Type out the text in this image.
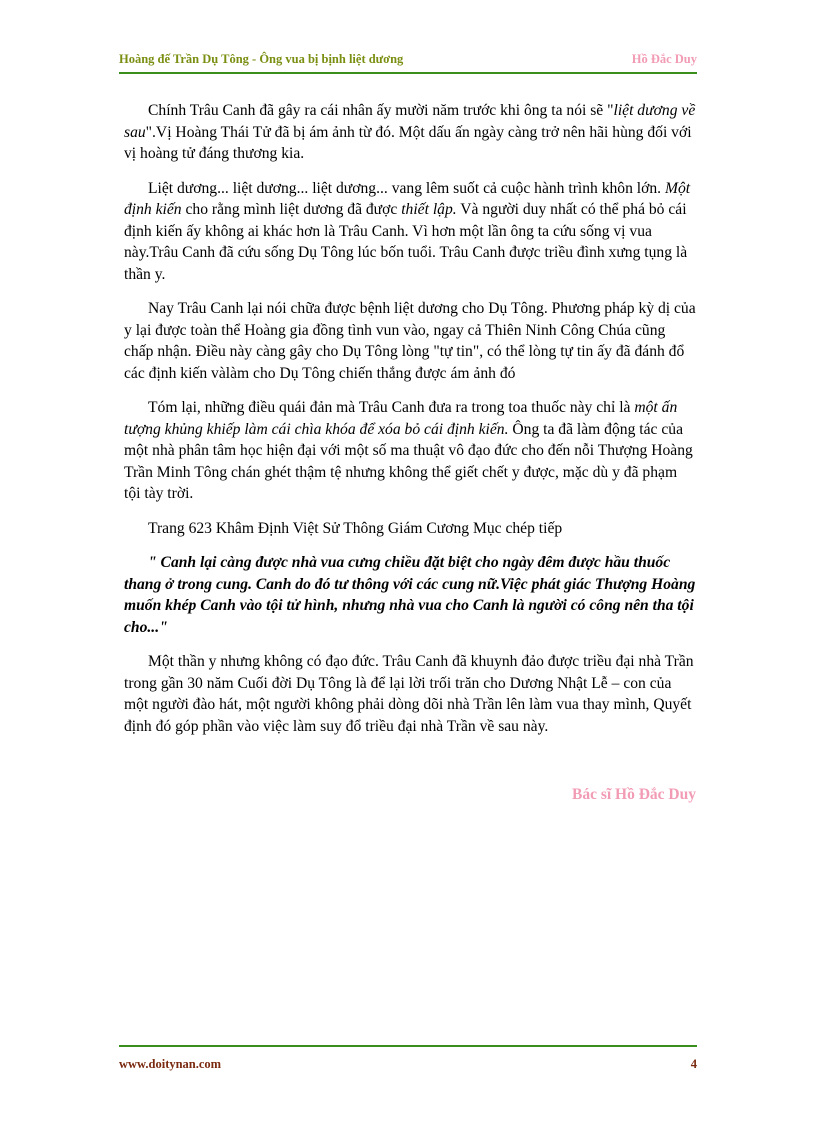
Hoàng đế Trần Dụ Tông - Ông vua bị bịnh liệt dương	Hồ Đắc Duy

Chính Trâu Canh đã gây ra cái nhân ấy mười năm trước khi ông ta nói sẽ "liệt dương về sau".Vị Hoàng Thái Tử đã bị ám ảnh từ đó. Một dấu ấn ngày càng trở nên hãi hùng đối với vị hoàng tử đáng thương kia.

Liệt dương... liệt dương... liệt dương... vang lêm suốt cả cuộc hành trình khôn lớn. Một định kiến cho rằng mình liệt dương đã được thiết lập. Và người duy nhất có thể phá bỏ cái định kiến ấy không ai khác hơn là Trâu Canh. Vì hơn một lần ông ta cứu sống vị vua này.Trâu Canh đã cứu sống Dụ Tông lúc bốn tuổi. Trâu Canh được triều đình xưng tụng là thần y.

Nay Trâu Canh lại nói chữa được bệnh liệt dương cho Dụ Tông. Phương pháp kỳ dị của y lại được toàn thể Hoàng gia đồng tình vun vào, ngay cả Thiên Ninh Công Chúa cũng chấp nhận. Điều này càng gây cho Dụ Tông lòng "tự tin", có thể lòng tự tin ấy đã đánh đổ các định kiến vàlàm cho Dụ Tông chiến thắng được ám ảnh đó

Tóm lại, những điều quái đản mà Trâu Canh đưa ra trong toa thuốc này chỉ là một ấn tượng khủng khiếp làm cái chìa khóa để xóa bỏ cái định kiến. Ông ta đã làm động tác của một nhà phân tâm học hiện đại với một số ma thuật vô đạo đức cho đến nỗi Thượng Hoàng Trần Minh Tông chán ghét thậm tệ nhưng không thể giết chết y được, mặc dù y đã phạm tội tày trời.

Trang 623 Khâm Định Việt Sử Thông Giám Cương Mục chép tiếp

" Canh lại càng được nhà vua cưng chiều đặt biệt cho ngày đêm được hầu thuốc thang ở trong cung. Canh do đó tư thông với các cung nữ.Việc phát giác Thượng Hoàng muốn khép Canh vào tội tử hình, nhưng nhà vua cho Canh là người có công nên tha tội cho..."

Một thần y nhưng không có đạo đức. Trâu Canh đã khuynh đảo được triều đại nhà Trần trong gần 30 năm Cuối đời Dụ Tông là để lại lời trối trăn cho Dương Nhật Lễ – con của một người đào hát, một người không phải dòng dõi nhà Trần lên làm vua thay mình, Quyết định đó góp phần vào việc làm suy đổ triều đại nhà Trần về sau này.

Bác sĩ Hồ Đắc Duy
www.doitynan.com	4
